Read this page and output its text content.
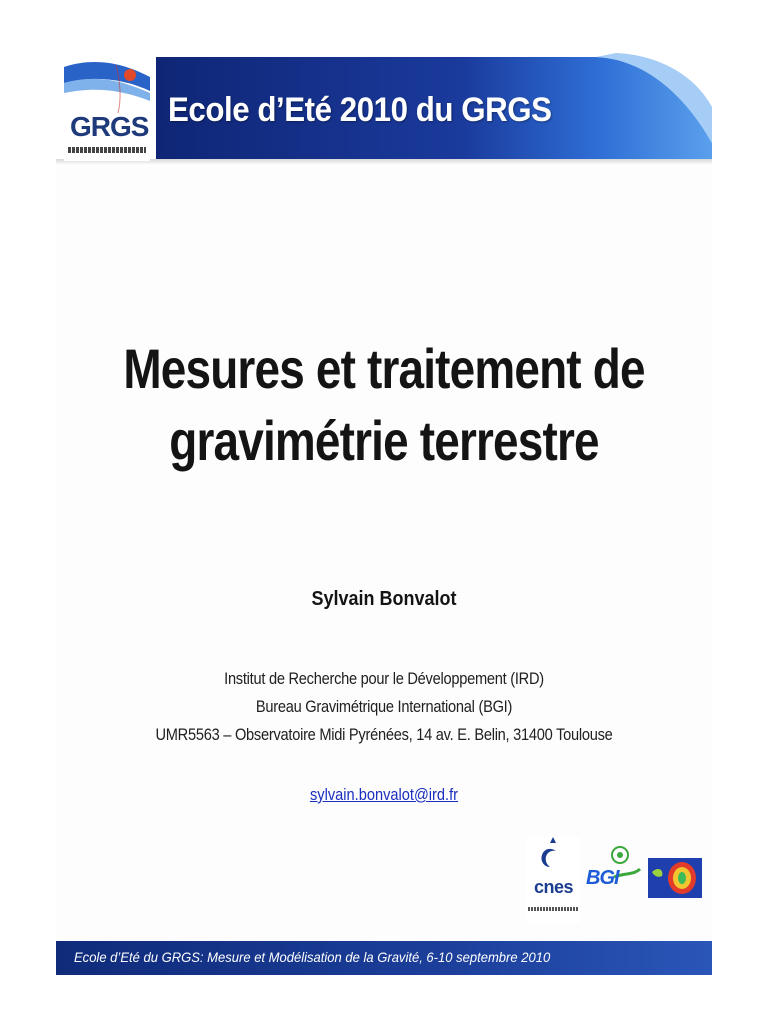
GRGS Ecole d’Eté 2010 du GRGS
Mesures et traitement de
gravimétrie terrestre
Sylvain Bonvalot
Institut de Recherche pour le Développement (IRD)
Bureau Gravimétrique International (BGI)
UMR5563 – Observatoire Midi Pyrénées, 14 av. E. Belin, 31400 Toulouse
sylvain.bonvalot@ird.fr
cnes BGI
Ecole d’Eté du GRGS: Mesure et Modélisation de la Gravité, 6-10 septembre 2010
